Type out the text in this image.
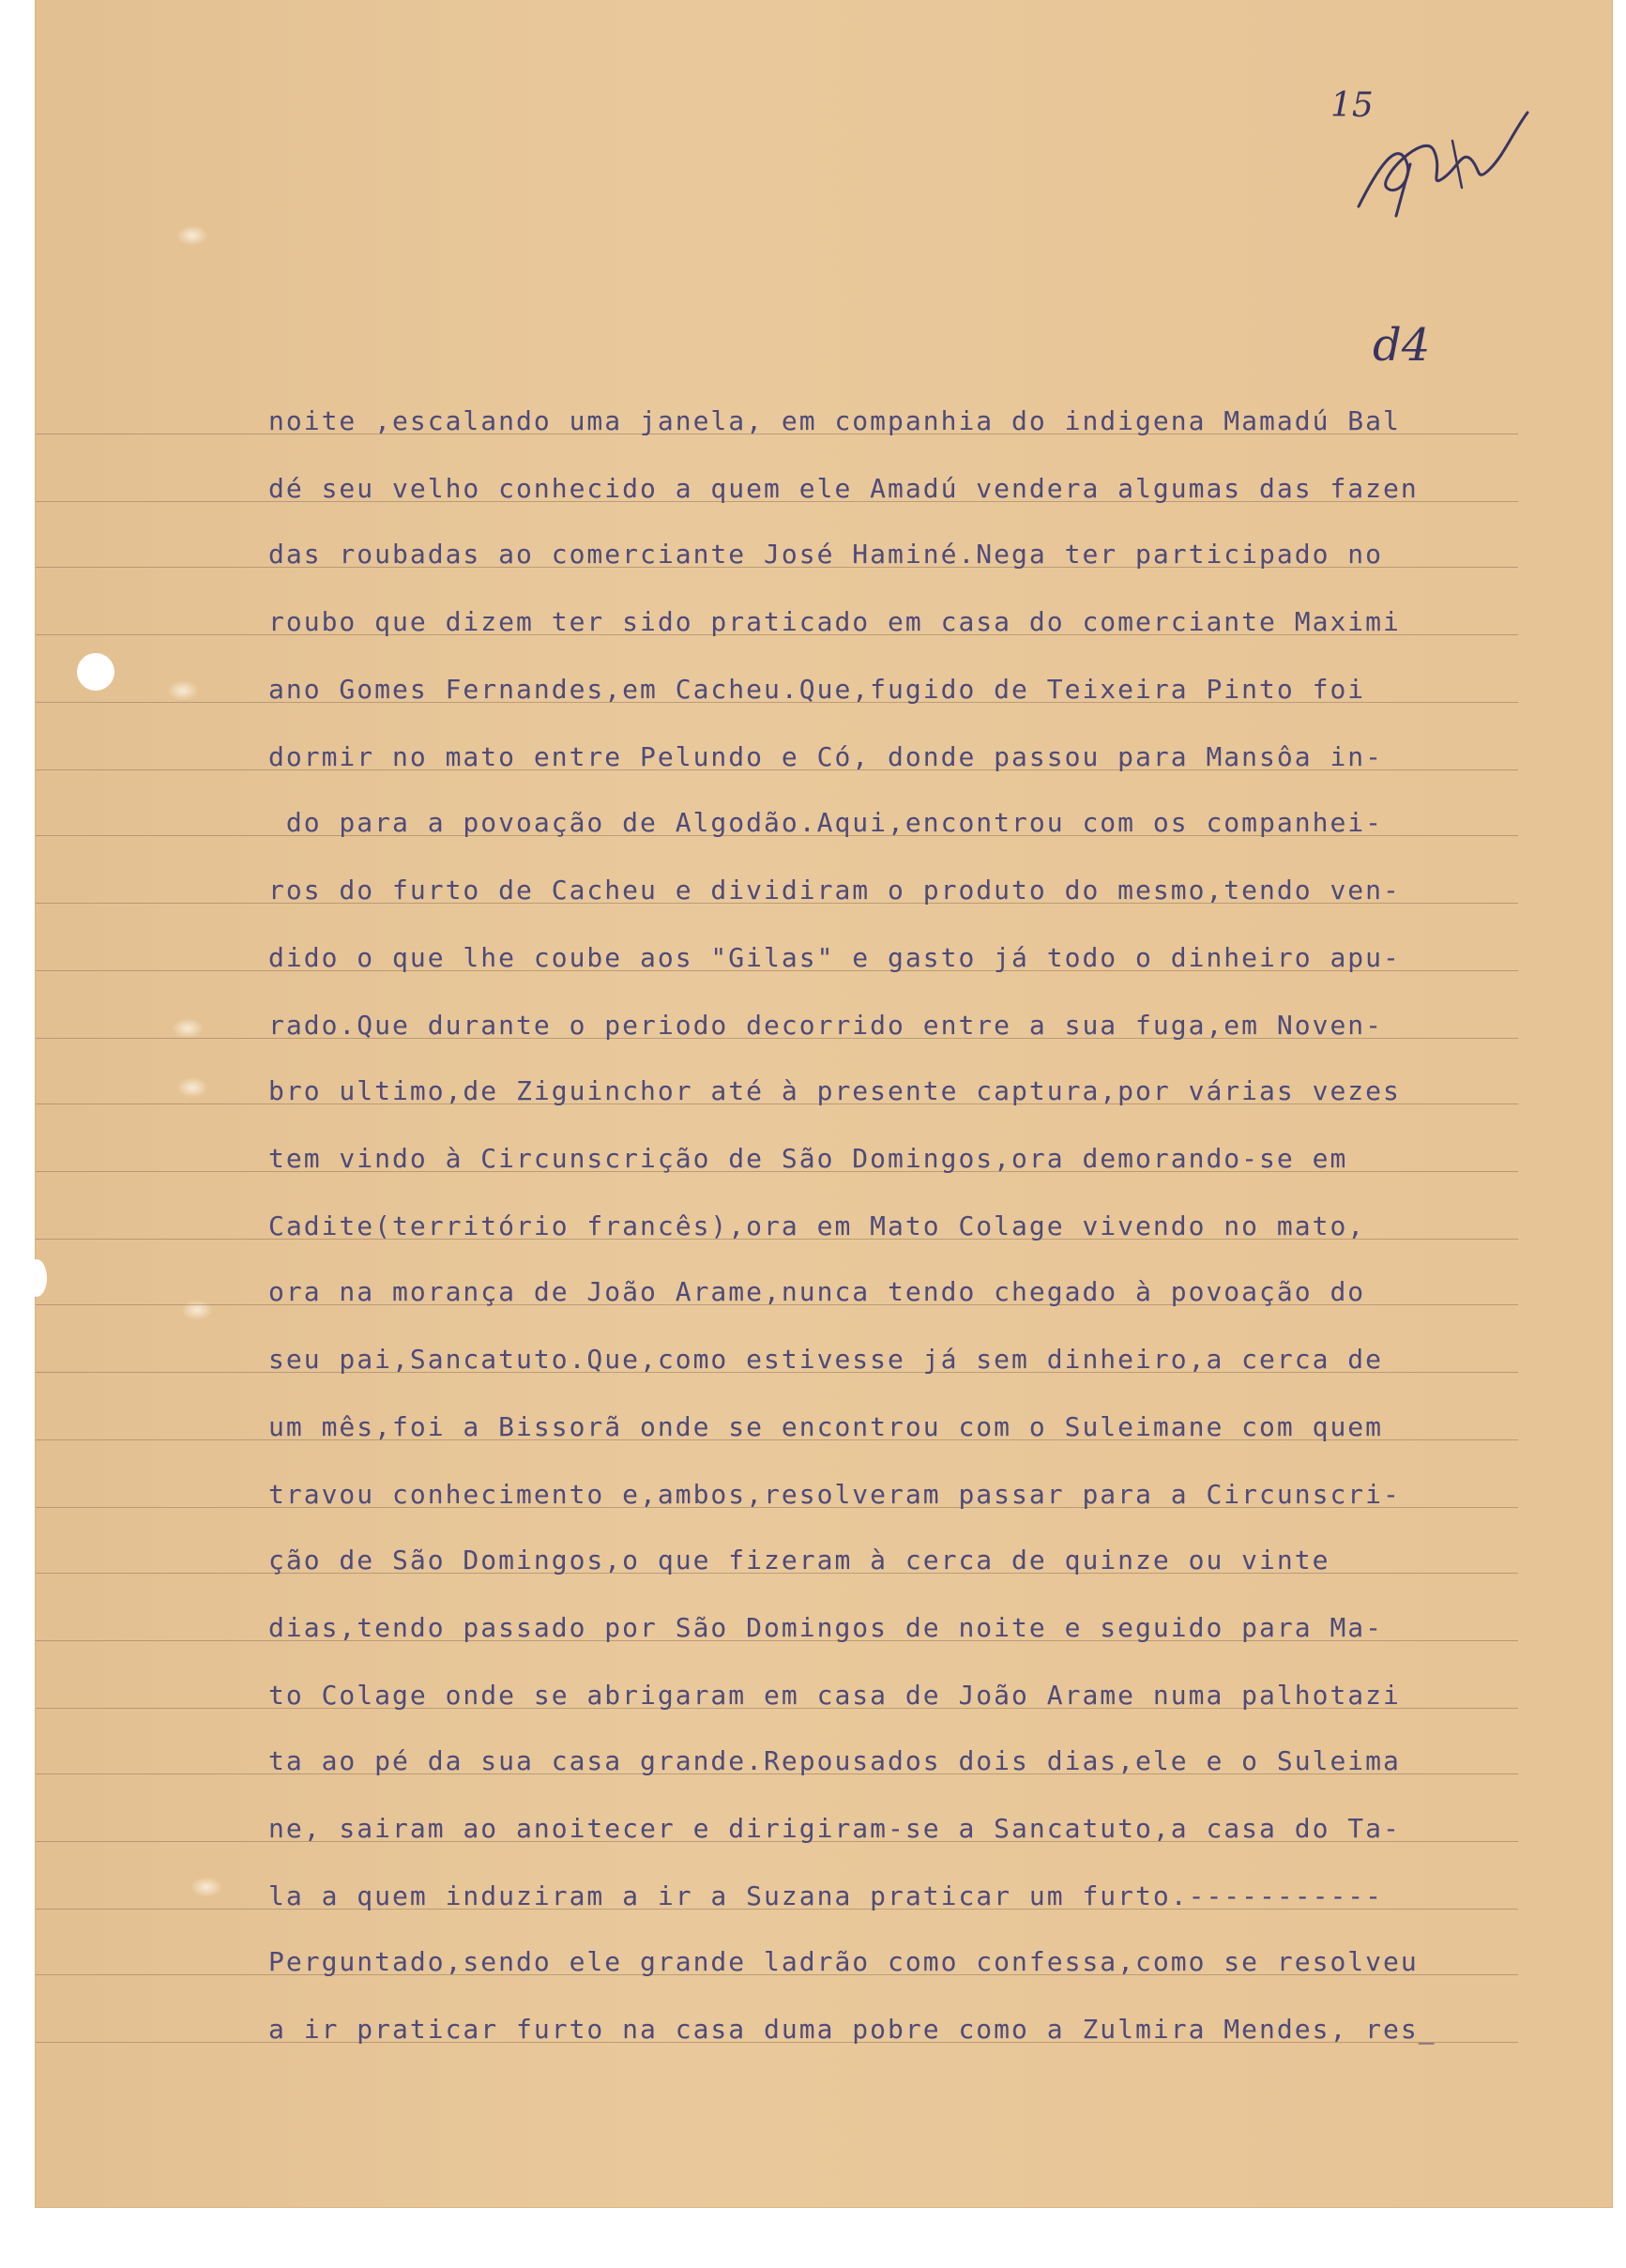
15
d4
noite ,escalando uma janela, em companhia do indigena Mamadú Bal
dé seu velho conhecido a quem ele Amadú vendera algumas das fazen
das roubadas ao comerciante José Haminé.Nega ter participado no
roubo que dizem ter sido praticado em casa do comerciante Maximi
ano Gomes Fernandes,em Cacheu.Que,fugido de Teixeira Pinto foi
dormir no mato entre Pelundo e Có, donde passou para Mansôa in-
do para a povoação de Algodão.Aqui,encontrou com os companhei-
ros do furto de Cacheu e dividiram o produto do mesmo,tendo ven-
dido o que lhe coube aos "Gilas" e gasto já todo o dinheiro apu-
rado.Que durante o periodo decorrido entre a sua fuga,em Noven-
bro ultimo,de Ziguinchor até à presente captura,por várias vezes
tem vindo à Circunscrição de São Domingos,ora demorando-se em
Cadite(território francês),ora em Mato Colage vivendo no mato,
ora na morança de João Arame,nunca tendo chegado à povoação do
seu pai,Sancatuto.Que,como estivesse já sem dinheiro,a cerca de
um mês,foi a Bissorã onde se encontrou com o Suleimane com quem
travou conhecimento e,ambos,resolveram passar para a Circunscri-
ção de São Domingos,o que fizeram à cerca de quinze ou vinte
dias,tendo passado por São Domingos de noite e seguido para Ma-
to Colage onde se abrigaram em casa de João Arame numa palhotazi
ta ao pé da sua casa grande.Repousados dois dias,ele e o Suleima
ne, sairam ao anoitecer e dirigiram-se a Sancatuto,a casa do Ta-
la a quem induziram a ir a Suzana praticar um furto.-----------
Perguntado,sendo ele grande ladrão como confessa,como se resolveu
a ir praticar furto na casa duma pobre como a Zulmira Mendes, res_
